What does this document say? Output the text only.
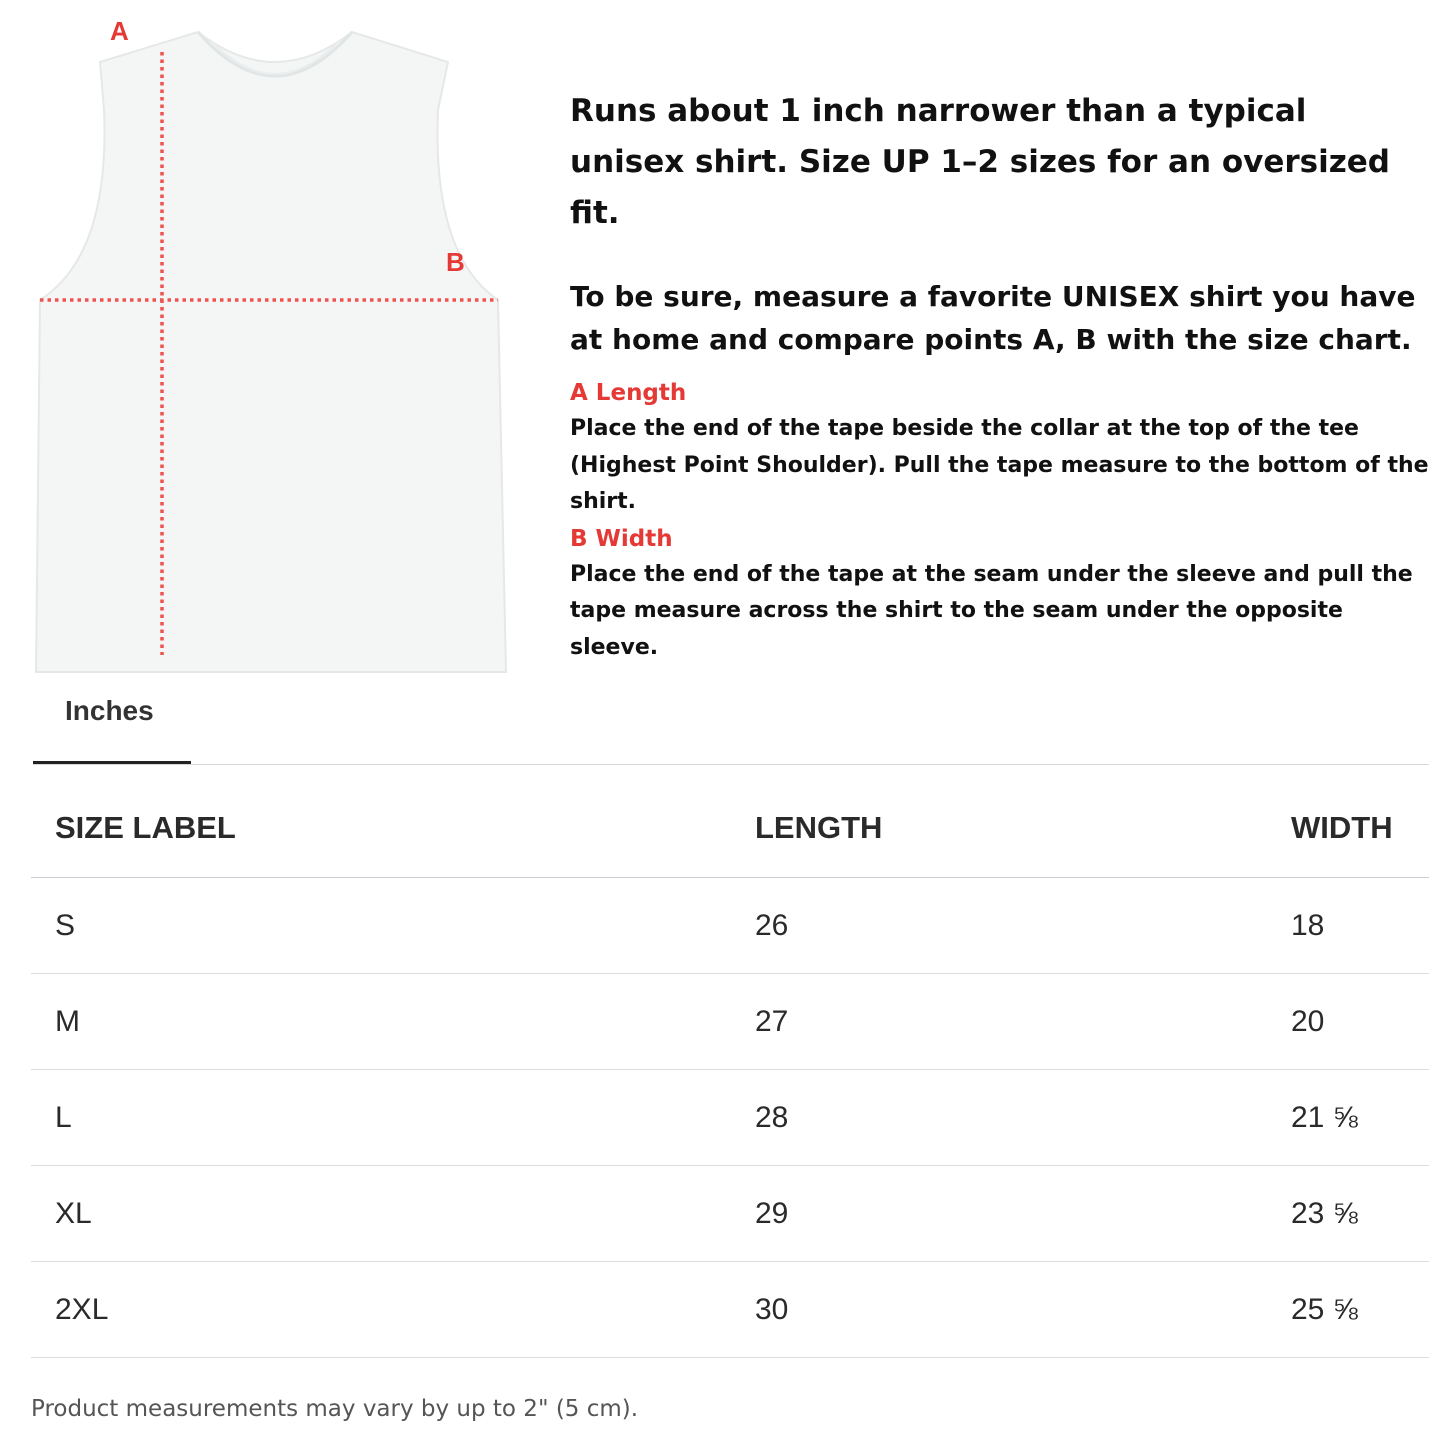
A
B

Runs about 1 inch narrower than a typical unisex shirt. Size UP 1–2 sizes for an oversized fit.

To be sure, measure a favorite UNISEX shirt you have at home and compare points A, B with the size chart.

A Length

Place the end of the tape beside the collar at the top of the tee (Highest Point Shoulder). Pull the tape measure to the bottom of the shirt.

B Width

Place the end of the tape at the seam under the sleeve and pull the tape measure across the shirt to the seam under the opposite sleeve.

Inches
SIZE LABEL	LENGTH	WIDTH
S	26	18
M	27	20
L	28	21 ⅝
XL	29	23 ⅝
2XL	30	25 ⅝
Product measurements may vary by up to 2" (5 cm).
